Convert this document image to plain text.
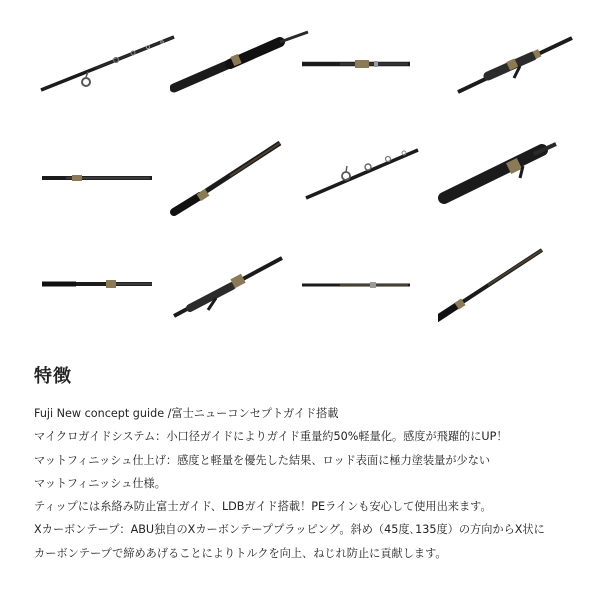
特徴
Fuji New concept guide /富士ニューコンセプトガイド搭載
マイクロガイドシステム：小口径ガイドによりガイド重量約50%軽量化。感度が飛躍的にUP！
マットフィニッシュ仕上げ：感度と軽量を優先した結果、ロッド表面に極力塗装量が少ない
マットフィニッシュ仕様。
ティップには糸絡み防止富士ガイド、LDBガイド搭載！PEラインも安心して使用出来ます。
Xカーボンテープ：ABU独自のXカーボンテーププラッピング。斜め（45度､135度）の方向からX状に
カーボンテープで締めあげることによりトルクを向上、ねじれ防止に貢献します。
